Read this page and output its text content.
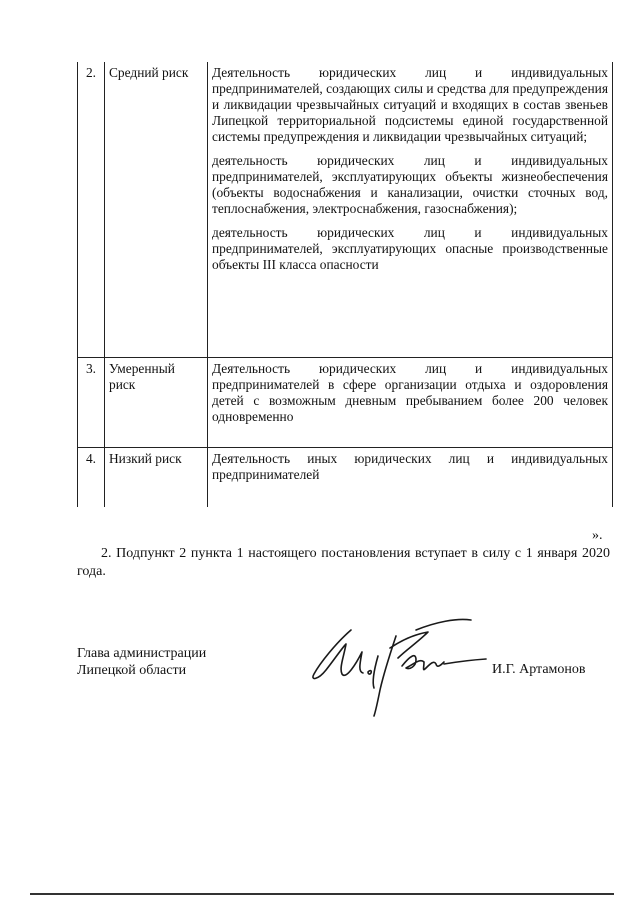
2.	Средний риск	Деятельность юридических лиц и индивидуальных предпринимателей, создающих силы и средства для предупреждения и ликвидации чрезвычайных ситуаций и входящих в состав звеньев Липецкой территориальной подсистемы единой государственной системы предупреждения и ликвидации чрезвычайных ситуаций;

деятельность юридических лиц и индивидуальных предпринимателей, эксплуатирующих объекты жизнеобеспечения (объекты водоснабжения и канализации, очистки сточных вод, теплоснабжения, электроснабжения, газоснабжения);

деятельность юридических лиц и индивидуальных предпринимателей, эксплуатирующих опасные производственные объекты III класса опасности

3.	Умеренный риск	Деятельность юридических лиц и индивидуальных предпринимателей в сфере организации отдыха и оздоровления детей с возможным дневным пребыванием более 200 человек одновременно

4.	Низкий риск	Деятельность иных юридических лиц и индивидуальных предпринимателей

».

2. Подпункт 2 пункта 1 настоящего постановления вступает в силу с 1 января 2020 года.

Глава администрации
Липецкой области	И.Г. Артамонов
